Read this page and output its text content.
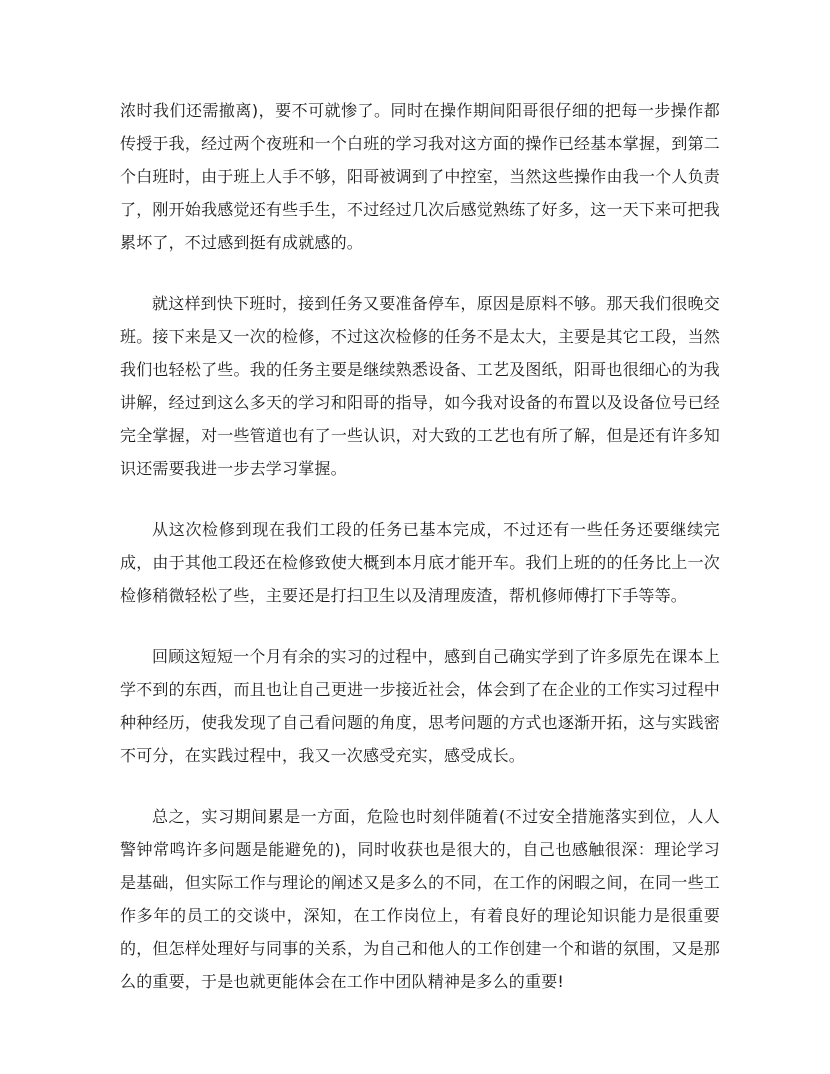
浓时我们还需撤离)，要不可就惨了。同时在操作期间阳哥很仔细的把每一步操作都传授于我，经过两个夜班和一个白班的学习我对这方面的操作已经基本掌握，到第二个白班时，由于班上人手不够，阳哥被调到了中控室，当然这些操作由我一个人负责了，刚开始我感觉还有些手生，不过经过几次后感觉熟练了好多，这一天下来可把我累坏了，不过感到挺有成就感的。

就这样到快下班时，接到任务又要准备停车，原因是原料不够。那天我们很晚交班。接下来是又一次的检修，不过这次检修的任务不是太大，主要是其它工段，当然我们也轻松了些。我的任务主要是继续熟悉设备、工艺及图纸，阳哥也很细心的为我讲解，经过到这么多天的学习和阳哥的指导，如今我对设备的布置以及设备位号已经完全掌握，对一些管道也有了一些认识，对大致的工艺也有所了解，但是还有许多知识还需要我进一步去学习掌握。

从这次检修到现在我们工段的任务已基本完成，不过还有一些任务还要继续完成，由于其他工段还在检修致使大概到本月底才能开车。我们上班的的任务比上一次检修稍微轻松了些，主要还是打扫卫生以及清理废渣，帮机修师傅打下手等等。

回顾这短短一个月有余的实习的过程中，感到自己确实学到了许多原先在课本上学不到的东西，而且也让自己更进一步接近社会，体会到了在企业的工作实习过程中种种经历，使我发现了自己看问题的角度，思考问题的方式也逐渐开拓，这与实践密不可分，在实践过程中，我又一次感受充实，感受成长。

总之，实习期间累是一方面，危险也时刻伴随着(不过安全措施落实到位，人人警钟常鸣许多问题是能避免的)，同时收获也是很大的，自己也感触很深：理论学习是基础，但实际工作与理论的阐述又是多么的不同，在工作的闲暇之间，在同一些工作多年的员工的交谈中，深知，在工作岗位上，有着良好的理论知识能力是很重要的，但怎样处理好与同事的关系，为自己和他人的工作创建一个和谐的氛围，又是那么的重要，于是也就更能体会在工作中团队精神是多么的重要!
